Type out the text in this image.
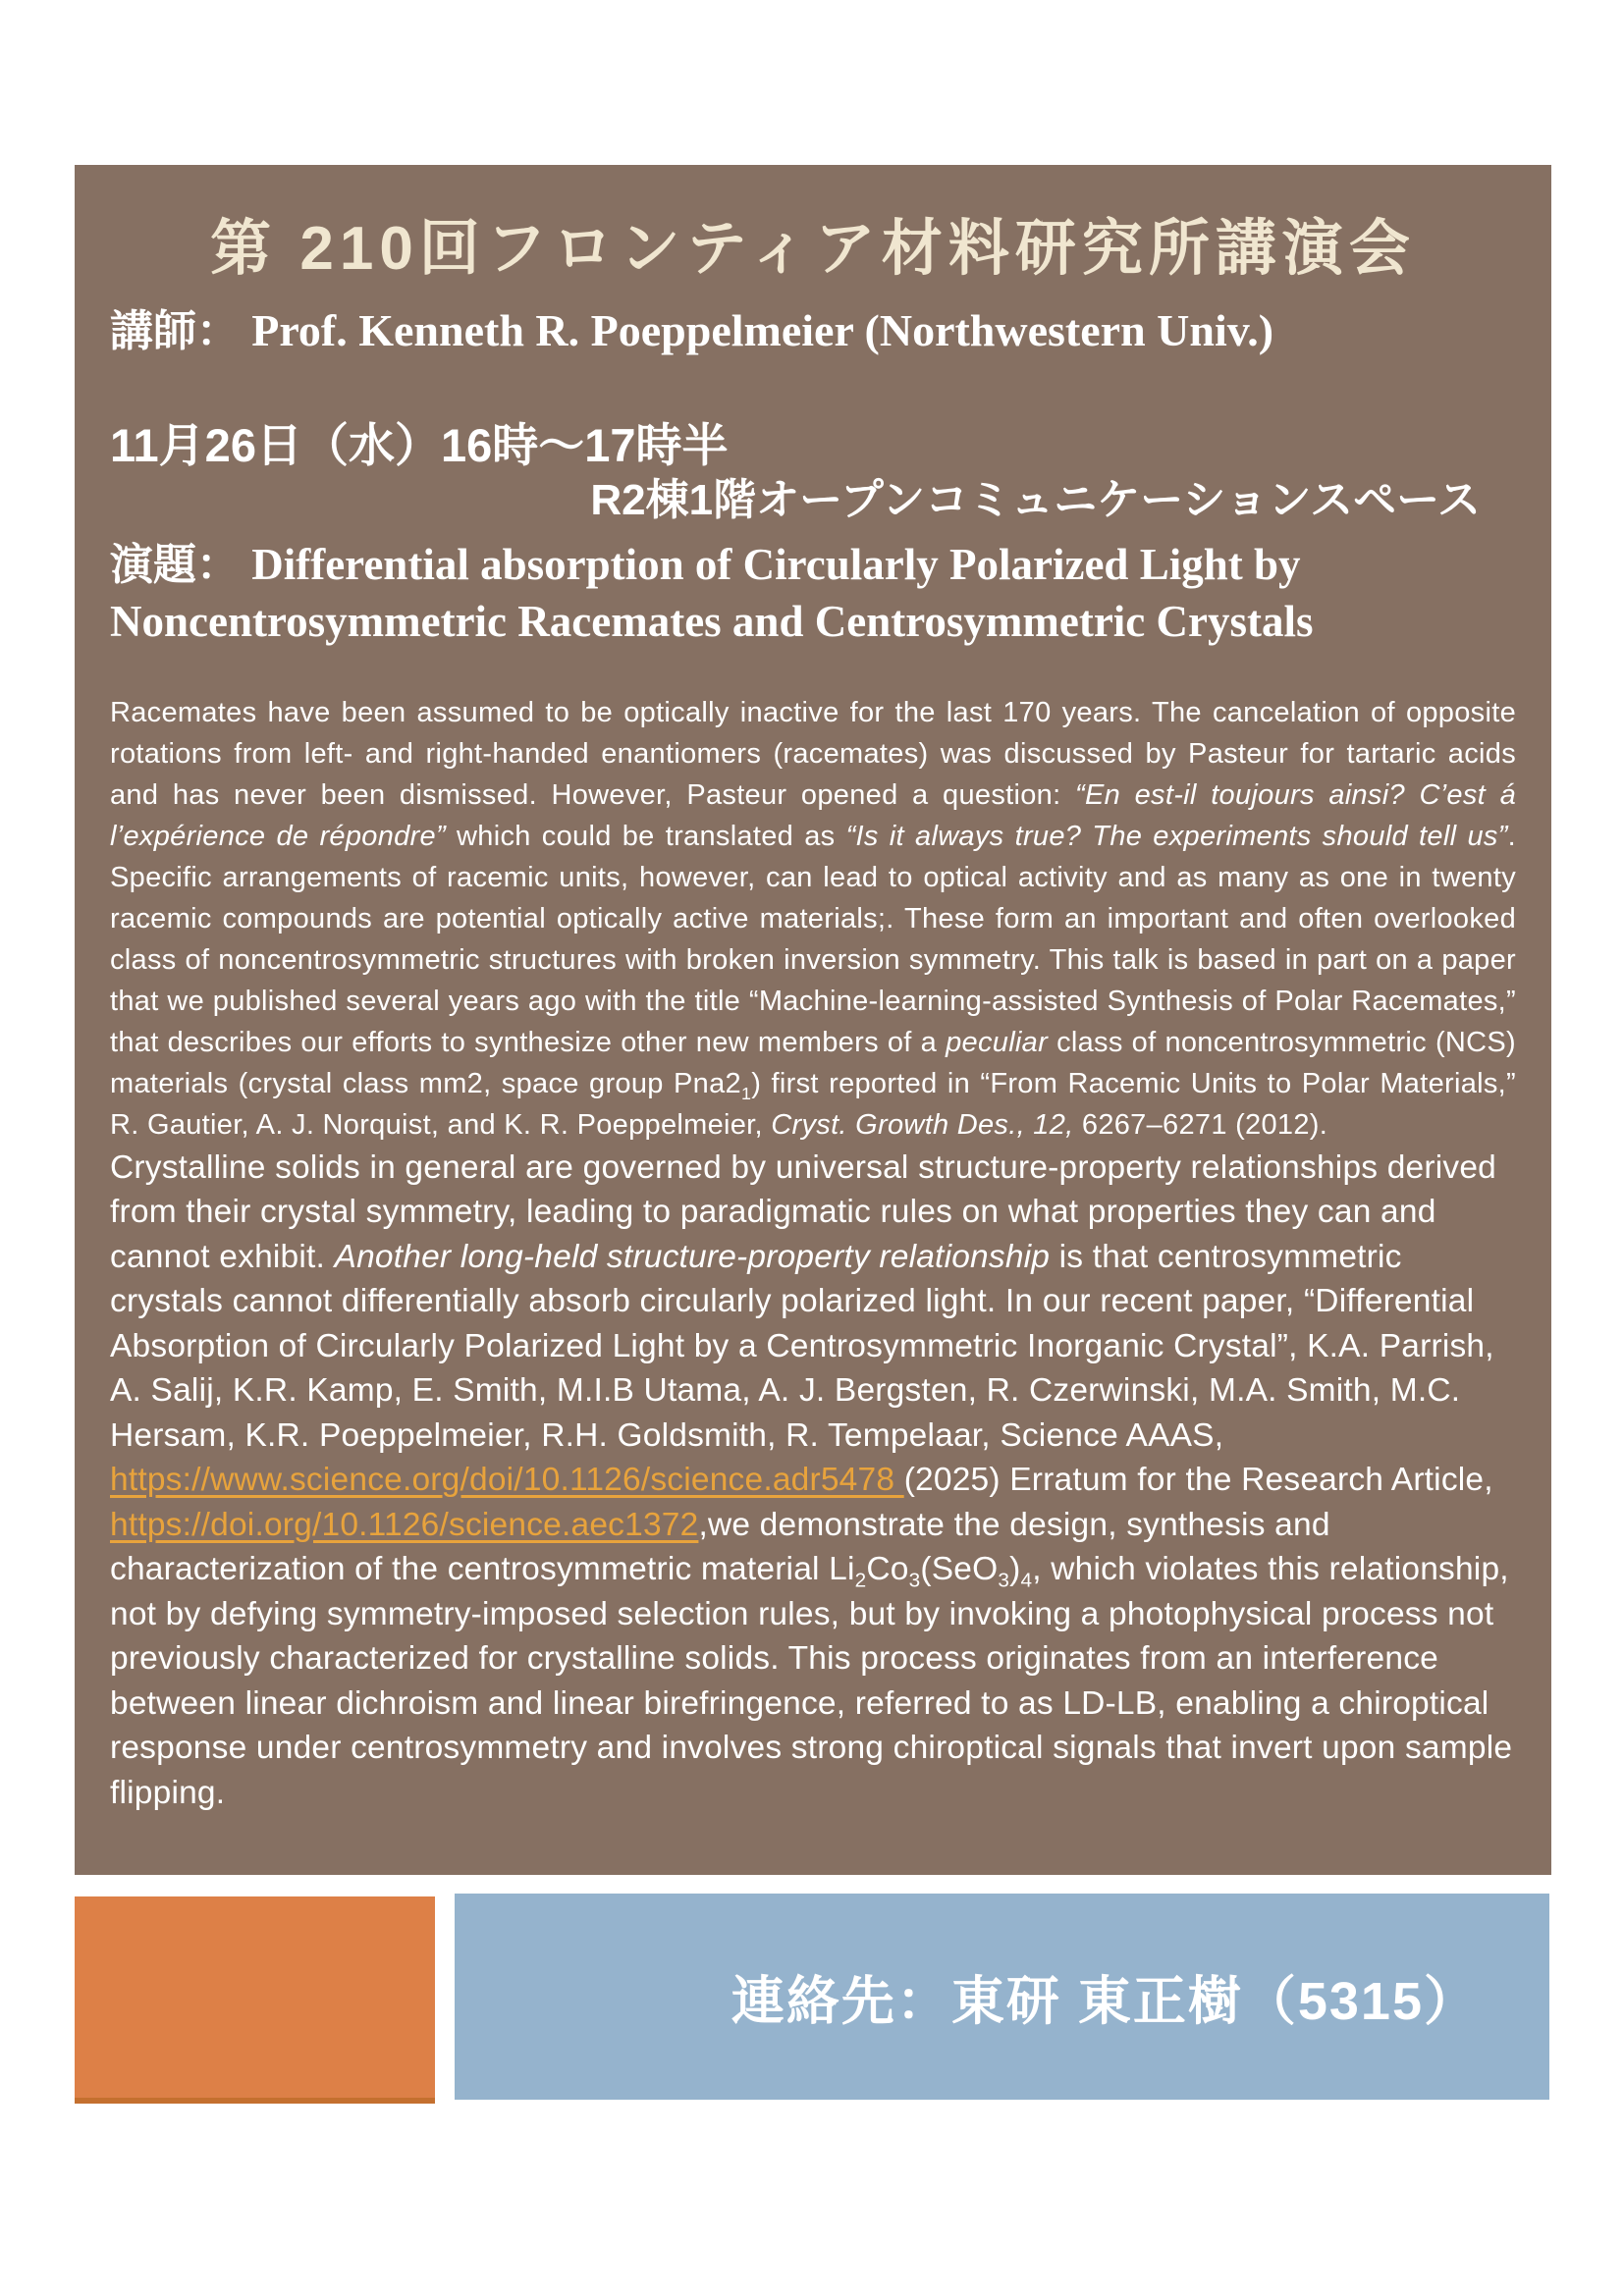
第 210回フロンティア材料研究所講演会
講師： Prof. Kenneth R. Poeppelmeier (Northwestern Univ.)
11月26日（水）16時～17時半
R2棟1階オープンコミュニケーションスペース
演題： Differential absorption of Circularly Polarized Light by Noncentrosymmetric Racemates and Centrosymmetric Crystals
Racemates have been assumed to be optically inactive for the last 170 years. The cancelation of opposite rotations from left- and right-handed enantiomers (racemates) was discussed by Pasteur for tartaric acids and has never been dismissed. However, Pasteur opened a question: “En est-il toujours ainsi? C’est á l’expérience de répondre” which could be translated as “Is it always true? The experiments should tell us”. Specific arrangements of racemic units, however, can lead to optical activity and as many as one in twenty racemic compounds are potential optically active materials;. These form an important and often overlooked class of noncentrosymmetric structures with broken inversion symmetry. This talk is based in part on a paper that we published several years ago with the title “Machine-learning-assisted Synthesis of Polar Racemates,” that describes our efforts to synthesize other new members of a peculiar class of noncentrosymmetric (NCS) materials (crystal class mm2, space group $Pna2_1$) first reported in “From Racemic Units to Polar Materials,” R. Gautier, A. J. Norquist, and K. R. Poeppelmeier, Cryst. Growth Des., 12, 6267–6271 (2012).
Crystalline solids in general are governed by universal structure-property relationships derived from their crystal symmetry, leading to paradigmatic rules on what properties they can and cannot exhibit. Another long-held structure-property relationship is that centrosymmetric crystals cannot differentially absorb circularly polarized light. In our recent paper, “Differential Absorption of Circularly Polarized Light by a Centrosymmetric Inorganic Crystal”, K.A. Parrish, A. Salij, K.R. Kamp, E. Smith, M.I.B Utama, A. J. Bergsten, R. Czerwinski, M.A. Smith, M.C. Hersam, K.R. Poeppelmeier, R.H. Goldsmith, R. Tempelaar, Science AAAS, https://www.science.org/doi/10.1126/science.adr5478 (2025) Erratum for the Research Article, https://doi.org/10.1126/science.aec1372,we demonstrate the design, synthesis and characterization of the centrosymmetric material $Li_2Co_3(SeO_3)_4$, which violates this relationship, not by defying symmetry-imposed selection rules, but by invoking a photophysical process not previously characterized for crystalline solids. This process originates from an interference between linear dichroism and linear birefringence, referred to as LD-LB, enabling a chiroptical response under centrosymmetry and involves strong chiroptical signals that invert upon sample flipping.
連絡先：東研 東正樹（5315）
